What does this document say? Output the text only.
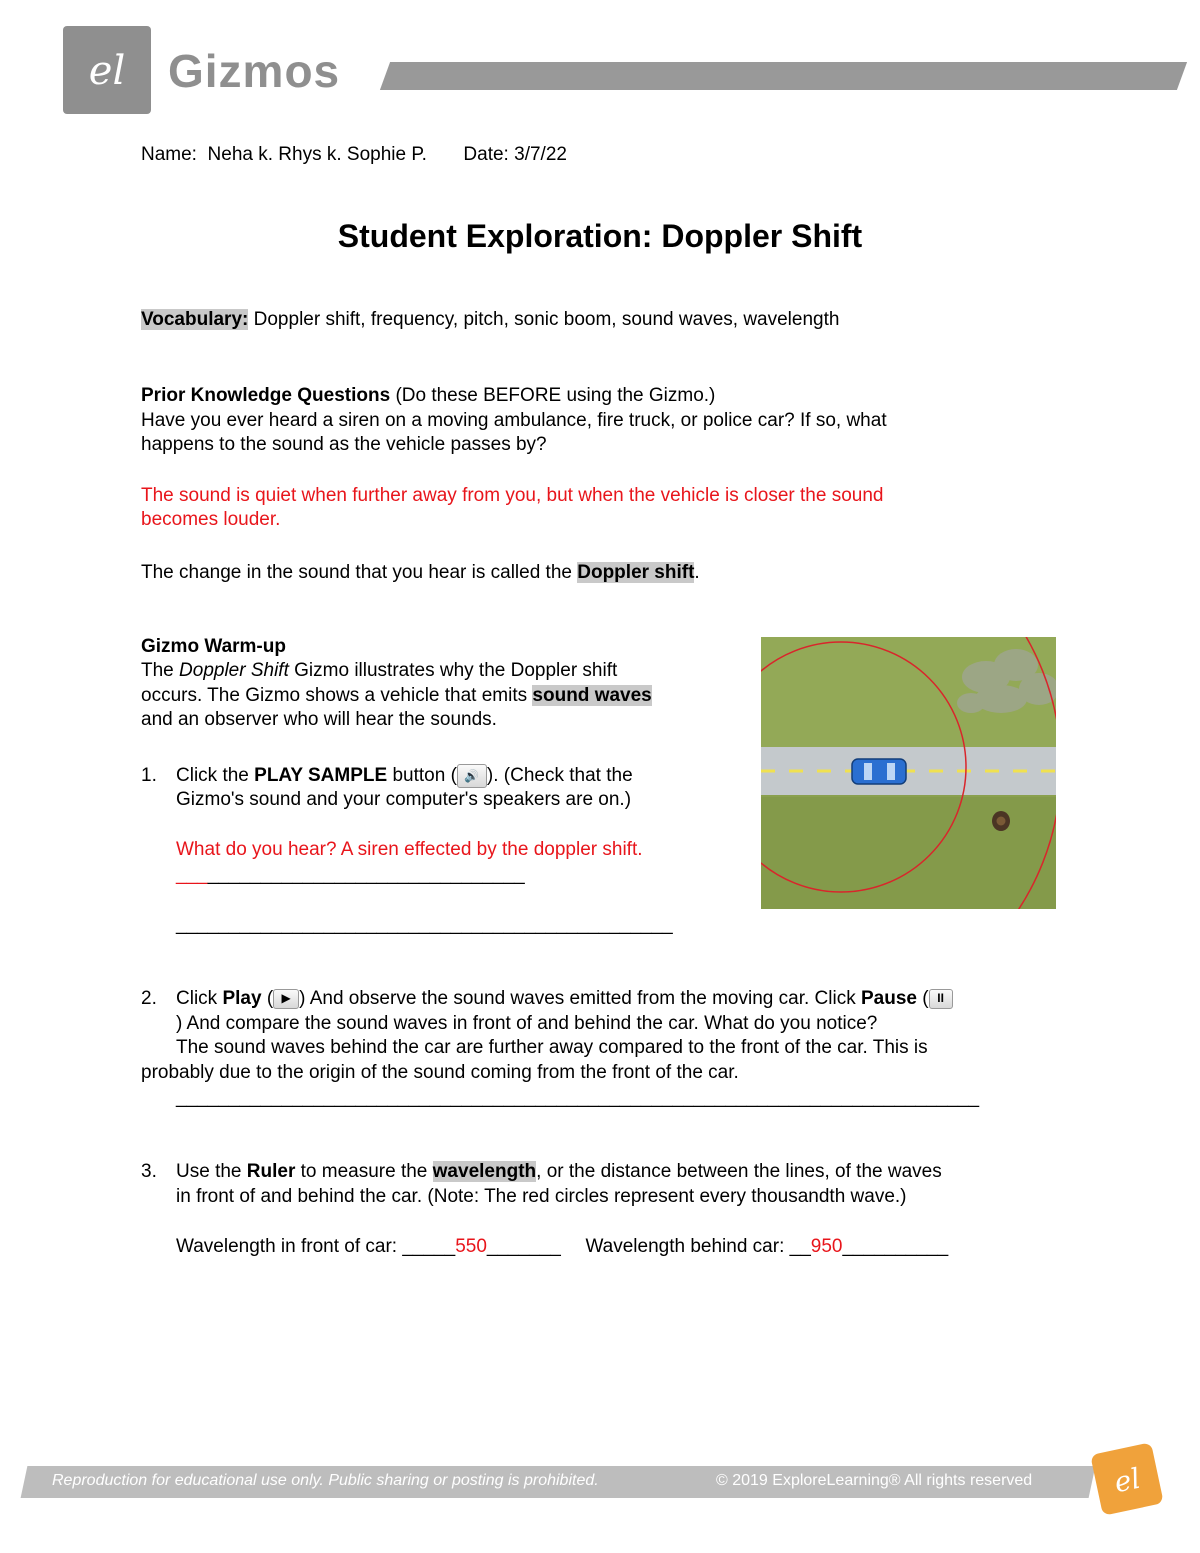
el Gizmos
Name: Neha k. Rhys k. Sophie P. Date: 3/7/22
Student Exploration: Doppler Shift
Vocabulary: Doppler shift, frequency, pitch, sonic boom, sound waves, wavelength
Prior Knowledge Questions (Do these BEFORE using the Gizmo.)
Have you ever heard a siren on a moving ambulance, fire truck, or police car? If so, what
happens to the sound as the vehicle passes by?
The sound is quiet when further away from you, but when the vehicle is closer the sound
becomes louder.
The change in the sound that you hear is called the Doppler shift.
Gizmo Warm-up
The Doppler Shift Gizmo illustrates why the Doppler shift
occurs. The Gizmo shows a vehicle that emits sound waves
and an observer who will hear the sounds.
1. Click the PLAY SAMPLE button ( 🔊 ). (Check that the
Gizmo's sound and your computer's speakers are on.)
What do you hear? A siren effected by the doppler shift.
_________________________________
_______________________________________________
2. Click Play ( ▶ ) And observe the sound waves emitted from the moving car. Click Pause ( II
) And compare the sound waves in front of and behind the car. What do you notice?
The sound waves behind the car are further away compared to the front of the car. This is
probably due to the origin of the sound coming from the front of the car.
____________________________________________________________________________
3. Use the Ruler to measure the wavelength, or the distance between the lines, of the waves
in front of and behind the car. (Note: The red circles represent every thousandth wave.)
Wavelength in front of car: _____550_______ Wavelength behind car: __950__________
Reproduction for educational use only. Public sharing or posting is prohibited.	© 2019 ExploreLearning® All rights reserved	el
